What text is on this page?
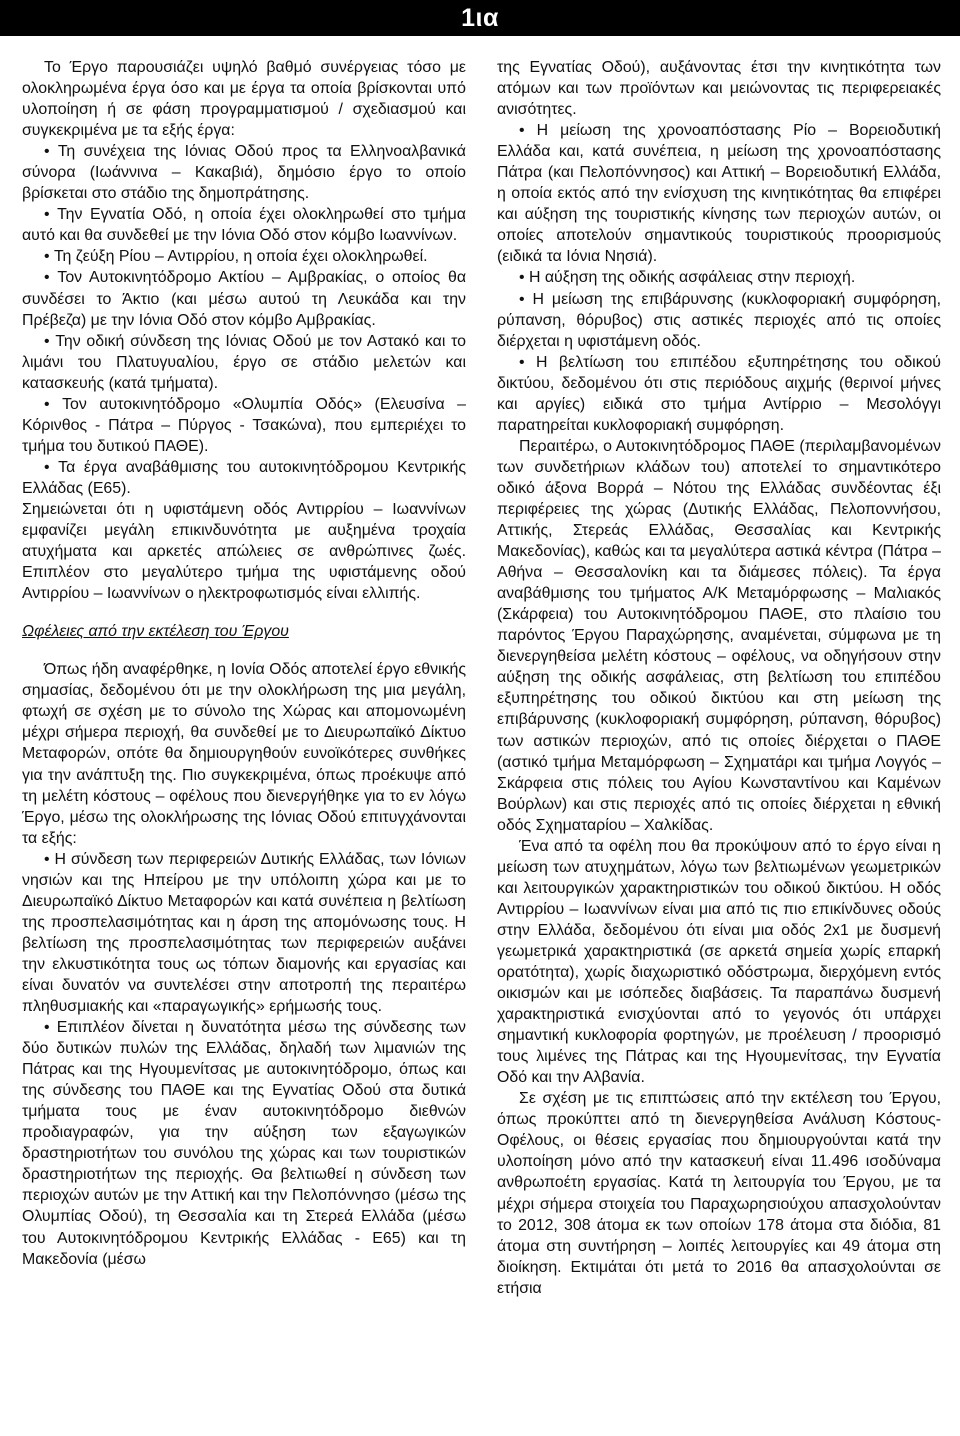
1ια

Το Έργο παρουσιάζει υψηλό βαθμό συνέργειας τόσο με ολοκληρωμένα έργα όσο και με έργα τα οποία βρίσκονται υπό υλοποίηση ή σε φάση προγραμματισμού / σχεδιασμού και συγκεκριμένα με τα εξής έργα:

• Τη συνέχεια της Ιόνιας Οδού προς τα Ελληνοαλβανικά σύνορα (Ιωάννινα – Κακαβιά), δημόσιο έργο το οποίο βρίσκεται στο στάδιο της δημοπράτησης.

• Την Εγνατία Οδό, η οποία έχει ολοκληρωθεί στο τμήμα αυτό και θα συνδεθεί με την Ιόνια Οδό στον κόμβο Ιωαννίνων.

• Τη ζεύξη Ρίου – Αντιρρίου, η οποία έχει ολοκληρωθεί.

• Τον Αυτοκινητόδρομο Ακτίου – Αμβρακίας, ο οποίος θα συνδέσει το Άκτιο (και μέσω αυτού τη Λευκάδα και την Πρέβεζα) με την Ιόνια Οδό στον κόμβο Αμβρακίας.

• Την οδική σύνδεση της Ιόνιας Οδού με τον Αστακό και το λιμάνι του Πλατυγυαλίου, έργο σε στάδιο μελετών και κατασκευής (κατά τμήματα).

• Τον αυτοκινητόδρομο «Ολυμπία Οδός» (Ελευσίνα – Κόρινθος - Πάτρα – Πύργος - Τσακώνα), που εμπεριέχει το τμήμα του δυτικού ΠΑΘΕ).

• Τα έργα αναβάθμισης του αυτοκινητόδρομου Κεντρικής Ελλάδας (Ε65).

Σημειώνεται ότι η υφιστάμενη οδός Αντιρρίου – Ιωαννίνων εμφανίζει μεγάλη επικινδυνότητα με αυξημένα τροχαία ατυχήματα και αρκετές απώλειες σε ανθρώπινες ζωές. Επιπλέον στο μεγαλύτερο τμήμα της υφιστάμενης οδού Αντιρρίου – Ιωαννίνων ο ηλεκτροφωτισμός είναι ελλιπής.

Ωφέλειες από την εκτέλεση του Έργου

Όπως ήδη αναφέρθηκε, η Ιονία Οδός αποτελεί έργο εθνικής σημασίας, δεδομένου ότι με την ολοκλήρωση της μια μεγάλη, φτωχή σε σχέση με το σύνολο της Χώρας και απομονωμένη μέχρι σήμερα περιοχή, θα συνδεθεί με το Διευρωπαϊκό Δίκτυο Μεταφορών, οπότε θα δημιουργηθούν ευνοϊκότερες συνθήκες για την ανάπτυξη της. Πιο συγκεκριμένα, όπως προέκυψε από τη μελέτη κόστους – οφέλους που διενεργήθηκε για το εν λόγω Έργο, μέσω της ολοκλήρωσης της Ιόνιας Οδού επιτυγχάνονται τα εξής:

• Η σύνδεση των περιφερειών Δυτικής Ελλάδας, των Ιόνιων νησιών και της Ηπείρου με την υπόλοιπη χώρα και με το Διευρωπαϊκό Δίκτυο Μεταφορών και κατά συνέπεια η βελτίωση της προσπελασιμότητας και η άρση της απομόνωσης τους. Η βελτίωση της προσπελασιμότητας των περιφερειών αυξάνει την ελκυστικότητα τους ως τόπων διαμονής και εργασίας και είναι δυνατόν να συντελέσει στην αποτροπή της περαιτέρω πληθυσμιακής και «παραγωγικής» ερήμωσής τους.

• Επιπλέον δίνεται η δυνατότητα μέσω της σύνδεσης των δύο δυτικών πυλών της Ελλάδας, δηλαδή των λιμανιών της Πάτρας και της Ηγουμενίτσας με αυτοκινητόδρομο, όπως και της σύνδεσης του ΠΑΘΕ και της Εγνατίας Οδού στα δυτικά τμήματα τους με έναν αυτοκινητόδρομο διεθνών προδιαγραφών, για την αύξηση των εξαγωγικών δραστηριοτήτων του συνόλου της χώρας και των τουριστικών δραστηριοτήτων της περιοχής. Θα βελτιωθεί η σύνδεση των περιοχών αυτών με την Αττική και την Πελοπόννησο (μέσω της Ολυμπίας Οδού), τη Θεσσαλία και τη Στερεά Ελλάδα (μέσω του Αυτοκινητόδρομου Κεντρικής Ελλάδας - Ε65) και τη Μακεδονία (μέσω

της Εγνατίας Οδού), αυξάνοντας έτσι την κινητικότητα των ατόμων και των προϊόντων και μειώνοντας τις περιφερειακές ανισότητες.

• Η μείωση της χρονοαπόστασης Ρίο – Βορειοδυτική Ελλάδα και, κατά συνέπεια, η μείωση της χρονοαπόστασης Πάτρα (και Πελοπόννησος) και Αττική – Βορειοδυτική Ελλάδα, η οποία εκτός από την ενίσχυση της κινητικότητας θα επιφέρει και αύξηση της τουριστικής κίνησης των περιοχών αυτών, οι οποίες αποτελούν σημαντικούς τουριστικούς προορισμούς (ειδικά τα Ιόνια Νησιά).

• Η αύξηση της οδικής ασφάλειας στην περιοχή.

• Η μείωση της επιβάρυνσης (κυκλοφοριακή συμφόρηση, ρύπανση, θόρυβος) στις αστικές περιοχές από τις οποίες διέρχεται η υφιστάμενη οδός.

• Η βελτίωση του επιπέδου εξυπηρέτησης του οδικού δικτύου, δεδομένου ότι στις περιόδους αιχμής (θερινοί μήνες και αργίες) ειδικά στο τμήμα Αντίρριο – Μεσολόγγι παρατηρείται κυκλοφοριακή συμφόρηση.

Περαιτέρω, ο Αυτοκινητόδρομος ΠΑΘΕ (περιλαμβανομένων των συνδετήριων κλάδων του) αποτελεί το σημαντικότερο οδικό άξονα Βορρά – Νότου της Ελλάδας συνδέοντας έξι περιφέρειες της χώρας (Δυτικής Ελλάδας, Πελοποννήσου, Αττικής, Στερεάς Ελλάδας, Θεσσαλίας και Κεντρικής Μακεδονίας), καθώς και τα μεγαλύτερα αστικά κέντρα (Πάτρα – Αθήνα – Θεσσαλονίκη και τα διάμεσες πόλεις). Τα έργα αναβάθμισης του τμήματος Α/Κ Μεταμόρφωσης – Μαλιακός (Σκάρφεια) του Αυτοκινητόδρομου ΠΑΘΕ, στο πλαίσιο του παρόντος Έργου Παραχώρησης, αναμένεται, σύμφωνα με τη διενεργηθείσα μελέτη κόστους – οφέλους, να οδηγήσουν στην αύξηση της οδικής ασφάλειας, στη βελτίωση του επιπέδου εξυπηρέτησης του οδικού δικτύου και στη μείωση της επιβάρυνσης (κυκλοφοριακή συμφόρηση, ρύπανση, θόρυβος) των αστικών περιοχών, από τις οποίες διέρχεται ο ΠΑΘΕ (αστικό τμήμα Μεταμόρφωση – Σχηματάρι και τμήμα Λογγός – Σκάρφεια στις πόλεις του Αγίου Κωνσταντίνου και Καμένων Βούρλων) και στις περιοχές από τις οποίες διέρχεται η εθνική οδός Σχηματαρίου – Χαλκίδας.

Ένα από τα οφέλη που θα προκύψουν από το έργο είναι η μείωση των ατυχημάτων, λόγω των βελτιωμένων γεωμετρικών και λειτουργικών χαρακτηριστικών του οδικού δικτύου. Η οδός Αντιρρίου – Ιωαννίνων είναι μια από τις πιο επικίνδυνες οδούς στην Ελλάδα, δεδομένου ότι είναι μια οδός 2x1 με δυσμενή γεωμετρικά χαρακτηριστικά (σε αρκετά σημεία χωρίς επαρκή ορατότητα), χωρίς διαχωριστικό οδόστρωμα, διερχόμενη εντός οικισμών και με ισόπεδες διαβάσεις. Τα παραπάνω δυσμενή χαρακτηριστικά ενισχύονται από το γεγονός ότι υπάρχει σημαντική κυκλοφορία φορτηγών, με προέλευση / προορισμό τους λιμένες της Πάτρας και της Ηγουμενίτσας, την Εγνατία Οδό και την Αλβανία.

Σε σχέση με τις επιπτώσεις από την εκτέλεση του Έργου, όπως προκύπτει από τη διενεργηθείσα Ανάλυση Κόστους-Οφέλους, οι θέσεις εργασίας που δημιουργούνται κατά την υλοποίηση μόνο από την κατασκευή είναι 11.496 ισοδύναμα ανθρωποέτη εργασίας. Κατά τη λειτουργία του Έργου, με τα μέχρι σήμερα στοιχεία του Παραχωρησιούχου απασχολούνταν το 2012, 308 άτομα εκ των οποίων 178 άτομα στα διόδια, 81 άτομα στη συντήρηση – λοιπές λειτουργίες και 49 άτομα στη διοίκηση. Εκτιμάται ότι μετά το 2016 θα απασχολούνται σε ετήσια
